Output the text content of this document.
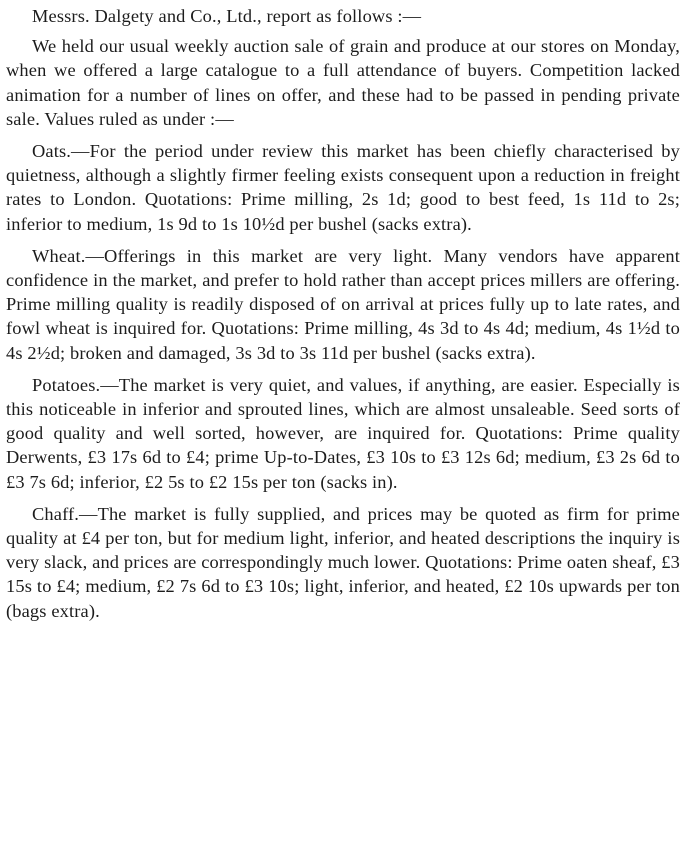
Messrs. Dalgety and Co., Ltd., report as follows :—

We held our usual weekly auction sale of grain and produce at our stores on Monday, when we offered a large catalogue to a full attendance of buyers. Competition lacked animation for a number of lines on offer, and these had to be passed in pending private sale. Values ruled as under :—

Oats.—For the period under review this market has been chiefly characterised by quietness, although a slightly firmer feeling exists consequent upon a reduction in freight rates to London. Quotations: Prime milling, 2s 1d; good to best feed, 1s 11d to 2s; inferior to medium, 1s 9d to 1s 10½d per bushel (sacks extra).

Wheat.—Offerings in this market are very light. Many vendors have apparent confidence in the market, and prefer to hold rather than accept prices millers are offering. Prime milling quality is readily disposed of on arrival at prices fully up to late rates, and fowl wheat is inquired for. Quotations: Prime milling, 4s 3d to 4s 4d; medium, 4s 1½d to 4s 2½d; broken and damaged, 3s 3d to 3s 11d per bushel (sacks extra).

Potatoes.—The market is very quiet, and values, if anything, are easier. Especially is this noticeable in inferior and sprouted lines, which are almost unsaleable. Seed sorts of good quality and well sorted, however, are inquired for. Quotations: Prime quality Derwents, £3 17s 6d to £4; prime Up-to-Dates, £3 10s to £3 12s 6d; medium, £3 2s 6d to £3 7s 6d; inferior, £2 5s to £2 15s per ton (sacks in).

Chaff.—The market is fully supplied, and prices may be quoted as firm for prime quality at £4 per ton, but for medium light, inferior, and heated descriptions the inquiry is very slack, and prices are correspondingly much lower. Quotations: Prime oaten sheaf, £3 15s to £4; medium, £2 7s 6d to £3 10s; light, inferior, and heated, £2 10s upwards per ton (bags extra).
